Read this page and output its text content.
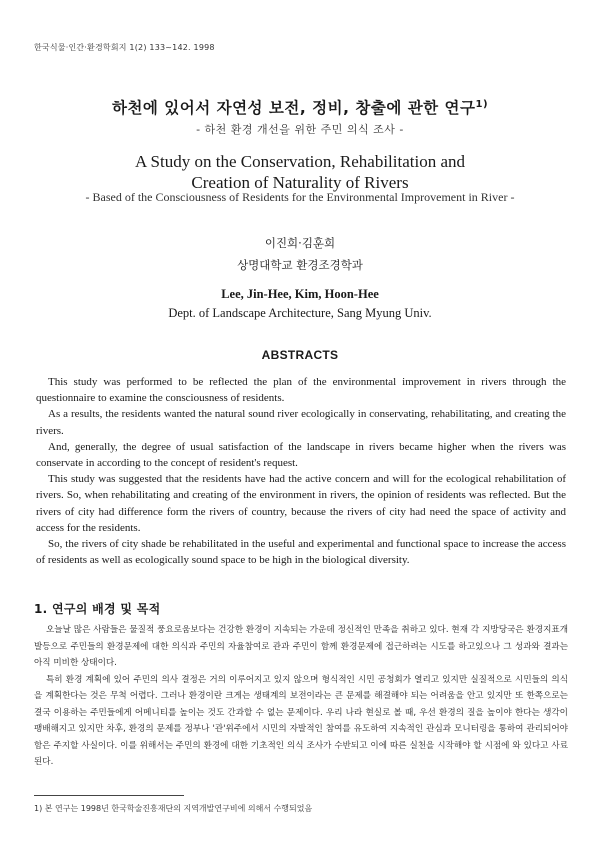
한국식물·인간·환경학회지 1(2) 133~142. 1998
하천에 있어서 자연성 보전, 정비, 창출에 관한 연구$^{1)}$
- 하천 환경 개선을 위한 주민 의식 조사 -
A Study on the Conservation, Rehabilitation and
Creation of Naturality of Rivers
- Based of the Consciousness of Residents for the Environmental Improvement in River -
이진희·김훈희
상명대학교 환경조경학과
Lee, Jin-Hee, Kim, Hoon-Hee
Dept. of Landscape Architecture, Sang Myung Univ.
ABSTRACTS

This study was performed to be reflected the plan of the environmental improvement in rivers through the questionnaire to examine the consciousness of residents.

As a results, the residents wanted the natural sound river ecologically in conservating, rehabilitating, and creating the rivers.

And, generally, the degree of usual satisfaction of the landscape in rivers became higher when the rivers was conservate in according to the concept of resident's request.

This study was suggested that the residents have had the active concern and will for the ecological rehabilitation of rivers. So, when rehabilitating and creating of the environment in rivers, the opinion of residents was reflected. But the rivers of city had difference form the rivers of country, because the rivers of city had need the space of activity and access for the residents.

So, the rivers of city shade be rehabilitated in the useful and experimental and functional space to increase the access of residents as well as ecologically sound space to be high in the biological diversity.

1. 연구의 배경 및 목적

오늘날 많은 사람들은 물질적 풍요로움보다는 건강한 환경이 지속되는 가운데 정신적인 만족을 취하고 있다. 현재 각 지방당국은 환경지표개발등으로 주민들의 환경문제에 대한 의식과 주민의 자율참여로 관과 주민이 함께 환경문제에 접근하려는 시도를 하고있으나 그 성과와 결과는 아직 미비한 상태이다.

특히 환경 계획에 있어 주민의 의사 결정은 거의 이루어지고 있지 않으며 형식적인 시민 공청회가 열리고 있지만 실질적으로 시민들의 의식을 계획한다는 것은 무척 어렵다. 그러나 환경이란 크게는 생태계의 보전이라는 큰 문제를 해결해야 되는 어려움을 안고 있지만 또 한쪽으로는 결국 이용하는 주민들에게 어메니티를 높이는 것도 간과할 수 없는 문제이다. 우리 나라 현실로 볼 때, 우선 환경의 질을 높이야 한다는 생각이 팽배해지고 있지만 차후, 환경의 문제를 정부나 '관'위주에서 시민의 자발적인 참여를 유도하여 지속적인 관심과 모니터링을 통하여 관리되어야 함은 주지할 사실이다. 이를 위해서는 주민의 환경에 대한 기초적인 의식 조사가 수반되고 이에 따른 실천을 시작해야 할 시점에 와 있다고 사료된다.

1) 본 연구는 1998년 한국학술진흥재단의 지역개발연구비에 의해서 수행되었음
